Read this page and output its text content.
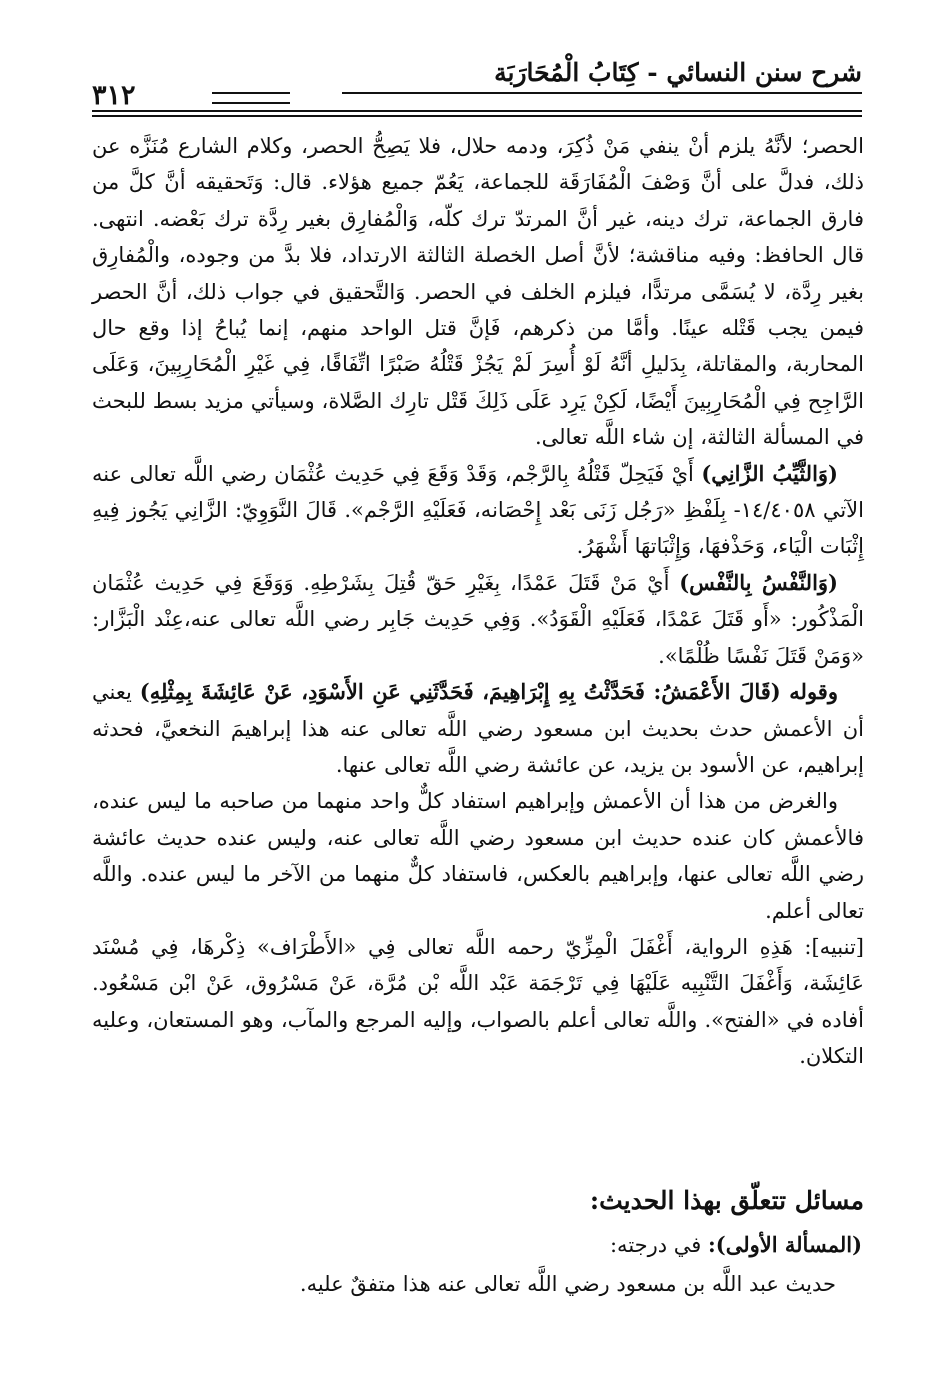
شرح سنن النسائي - كِتَابُ الْمُحَارَبَة
٣١٢

الحصر؛ لأنَّهُ يلزم أنْ ينفي مَنْ ذُكِرَ، ودمه حلال، فلا يَصِحُّ الحصر، وكلام الشارع مُنَزَّه عن ذلك، فدلَّ على أنَّ وَصْفَ الْمُفَارَقَة للجماعة، يَعُمّ جميع هؤلاء. قال: وَتَحقيقه أنَّ كلَّ من فارق الجماعة، ترك دينه، غير أنَّ المرتدّ ترك كلّه، وَالْمُفارِق بغير رِدَّة ترك بَعْضه. انتهى. قال الحافظ: وفيه مناقشة؛ لأنَّ أصل الخصلة الثالثة الارتداد، فلا بدَّ من وجوده، والْمُفارِق بغير رِدَّة، لا يُسَمَّى مرتدًّا، فيلزم الخلف في الحصر. وَالتَّحقيق في جواب ذلك، أنَّ الحصر فيمن يجب قَتْله عينًا. وأمَّا من ذكرهم، فَإنَّ قتل الواحد منهم، إنما يُباحُ إذا وقع حال المحاربة، والمقاتلة، بِدَليلِ أنَّهُ لَوْ أُسِرَ لَمْ يَجُزْ قَتْلُهُ صَبْرًا اتِّفَاقًا، فِي غَيْرِ الْمُحَارِبِينَ، وَعَلَى الرَّاجِح فِي الْمُحَارِبِينَ أَيْضًا، لَكِنْ يَرِد عَلَى ذَلِكَ قَتْل تارِك الصَّلاة، وسيأتي مزيد بسط للبحث في المسألة الثالثة، إن شاء اللَّه تعالى.

(وَالثَّيِّبُ الزَّانِي) أَيْ فَيَحِلّ قَتْلُهُ بِالرَّجْم، وَقَدْ وَقَعَ فِي حَدِيث عُثْمَان رضي اللَّه تعالى عنه الآتي ١٤/٤٠٥٨- بِلَفْظِ «رَجُل زَنَى بَعْد إِحْصَانه، فَعَلَيْهِ الرَّجْم». قَالَ النَّوَوِيّ: الزَّانِي يَجُوز فِيهِ إِثْبَات الْيَاء، وَحَذْفهَا، وَإِثْبَاتهَا أَشْهَرُ.

(وَالنَّفْسُ بِالنَّفْس) أَيْ مَنْ قَتَلَ عَمْدًا، بِغَيْرِ حَقّ قُتِلَ بِشَرْطِهِ. وَوَقَعَ فِي حَدِيث عُثْمَان الْمَذْكُور: «أَو قَتَلَ عَمْدًا، فَعَلَيْهِ الْقَوَدُ». وَفِي حَدِيث جَابِر رضي اللَّه تعالى عنه،عِنْد الْبَزَّار: «وَمَنْ قَتَلَ نَفْسًا ظُلْمًا».

وقوله (قَالَ الأَعْمَشُ: فَحَدَّثْتُ بِهِ إِبْرَاهِيمَ، فَحَدَّثَنِي عَنِ الأَسْوَدِ، عَنْ عَائِشَةَ بِمِثْلِهِ) يعني أن الأعمش حدث بحديث ابن مسعود رضي اللَّه تعالى عنه هذا إبراهيمَ النخعيَّ، فحدثه إبراهيم، عن الأسود بن يزيد، عن عائشة رضي اللَّه تعالى عنها.

والغرض من هذا أن الأعمش وإبراهيم استفاد كلٌّ واحد منهما من صاحبه ما ليس عنده، فالأعمش كان عنده حديث ابن مسعود رضي اللَّه تعالى عنه، وليس عنده حديث عائشة رضي اللَّه تعالى عنها، وإبراهيم بالعكس، فاستفاد كلٌّ منهما من الآخر ما ليس عنده. واللَّه تعالى أعلم.

[تنبيه]: هَذِهِ الرواية، أَغْفَلَ الْمِزِّيّ رحمه اللَّه تعالى فِي «الأَطْرَاف» ذِكْرهَا، فِي مُسْنَد عَائِشَة، وَأَغْفَلَ التَّنْبِيه عَلَيْهَا فِي تَرْجَمَة عَبْد اللَّه بْن مُرَّة، عَنْ مَسْرُوق، عَنْ ابْن مَسْعُود. أفاده في «الفتح». واللَّه تعالى أعلم بالصواب، وإليه المرجع والمآب، وهو المستعان، وعليه التكلان.

مسائل تتعلّق بهذا الحديث:
(المسألة الأولى): في درجته:
حديث عبد اللَّه بن مسعود رضي اللَّه تعالى عنه هذا متفقٌ عليه.
